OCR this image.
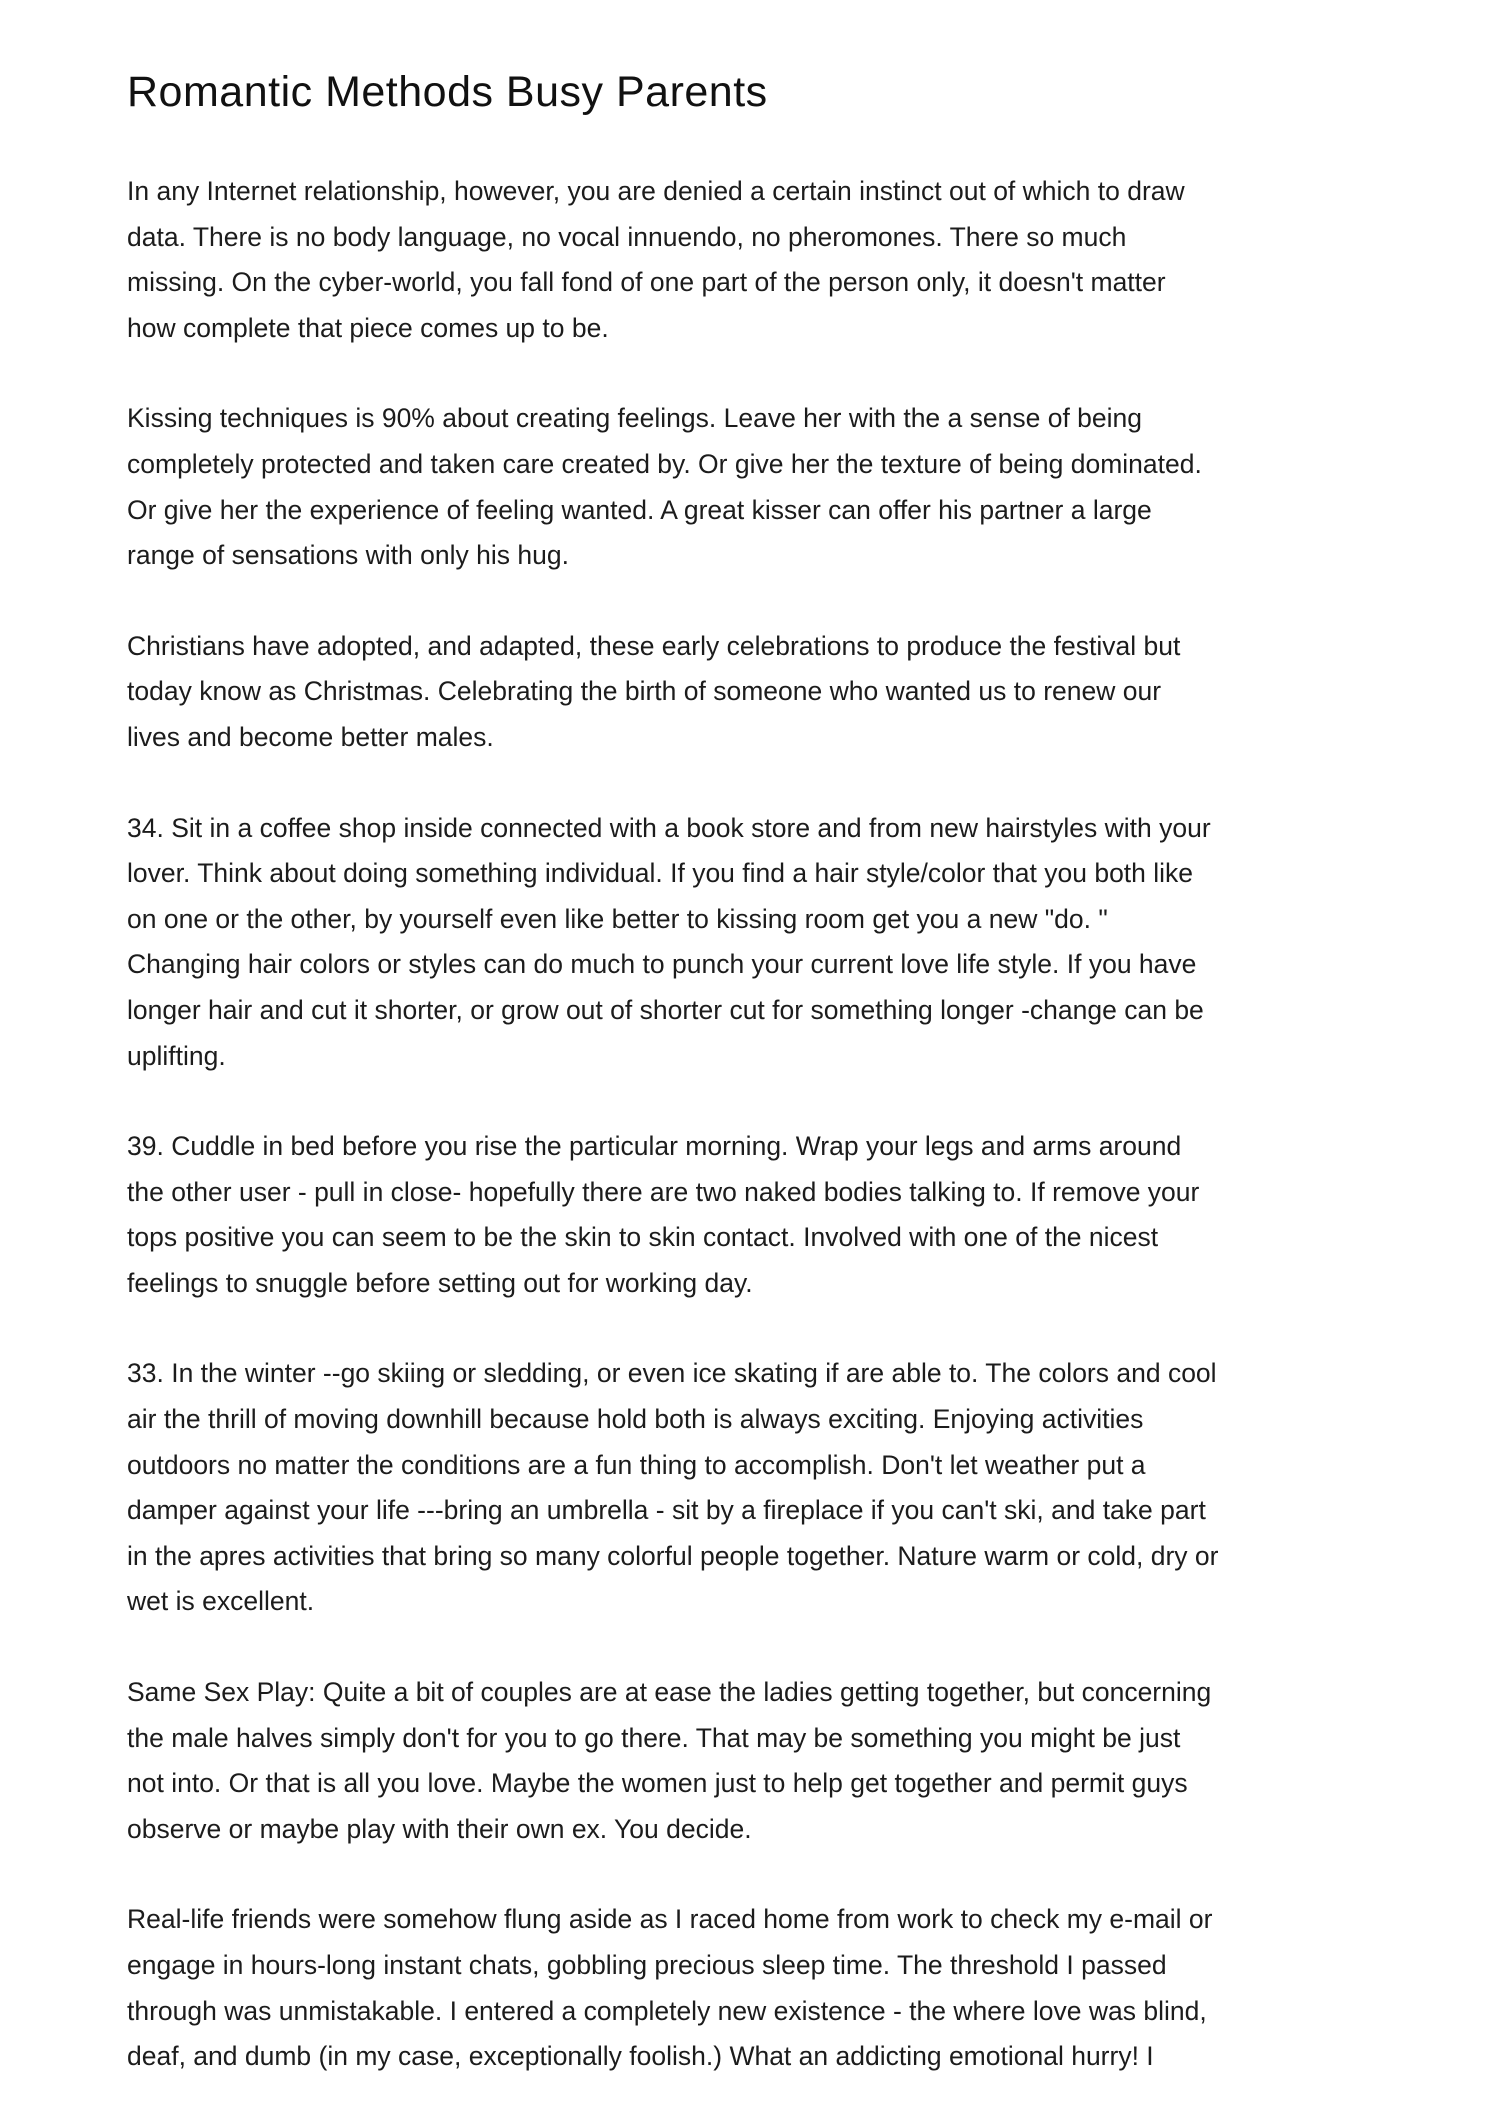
Romantic Methods Busy Parents

In any Internet relationship, however, you are denied a certain instinct out of which to draw
data. There is no body language, no vocal innuendo, no pheromones. There so much
missing. On the cyber-world, you fall fond of one part of the person only, it doesn't matter
how complete that piece comes up to be.

Kissing techniques is 90% about creating feelings. Leave her with the a sense of being
completely protected and taken care created by. Or give her the texture of being dominated.
Or give her the experience of feeling wanted. A great kisser can offer his partner a large
range of sensations with only his hug.

Christians have adopted, and adapted, these early celebrations to produce the festival but
today know as Christmas. Celebrating the birth of someone who wanted us to renew our
lives and become better males.

34. Sit in a coffee shop inside connected with a book store and from new hairstyles with your
lover. Think about doing something individual. If you find a hair style/color that you both like
on one or the other, by yourself even like better to kissing room get you a new "do. "
Changing hair colors or styles can do much to punch your current love life style. If you have
longer hair and cut it shorter, or grow out of shorter cut for something longer -change can be
uplifting.

39. Cuddle in bed before you rise the particular morning. Wrap your legs and arms around
the other user - pull in close- hopefully there are two naked bodies talking to. If remove your
tops positive you can seem to be the skin to skin contact. Involved with one of the nicest
feelings to snuggle before setting out for working day.

33. In the winter --go skiing or sledding, or even ice skating if are able to. The colors and cool
air the thrill of moving downhill because hold both is always exciting. Enjoying activities
outdoors no matter the conditions are a fun thing to accomplish. Don't let weather put a
damper against your life ---bring an umbrella - sit by a fireplace if you can't ski, and take part
in the apres activities that bring so many colorful people together. Nature warm or cold, dry or
wet is excellent.

Same Sex Play: Quite a bit of couples are at ease the ladies getting together, but concerning
the male halves simply don't for you to go there. That may be something you might be just
not into. Or that is all you love. Maybe the women just to help get together and permit guys
observe or maybe play with their own ex. You decide.

Real-life friends were somehow flung aside as I raced home from work to check my e-mail or
engage in hours-long instant chats, gobbling precious sleep time. The threshold I passed
through was unmistakable. I entered a completely new existence - the where love was blind,
deaf, and dumb (in my case, exceptionally foolish.) What an addicting emotional hurry! I
